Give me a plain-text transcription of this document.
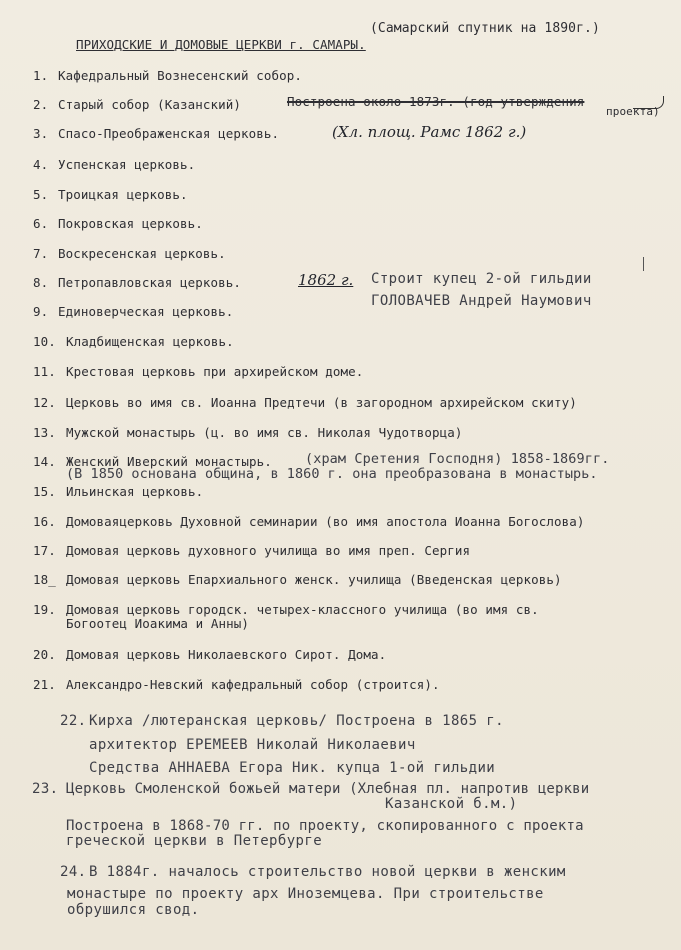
(Самарский спутник на 1890г.)
ПРИХОДСКИЕ И ДОМОВЫЕ ЦЕРКВИ г. САМАРЫ.
1. Кафедральный Вознесенский собор.
2. Старый собор (Казанский)	Построена около 1873г. (год утверждения
проекта)
3. Спасо-Преображенская церковь.	(Хл. площ. Рамс 1862 г.)
4. Успенская церковь.
5. Троицкая церковь.
6. Покровская церковь.
7. Воскресенская церковь.
8. Петропавловская церковь.	1862 г. Строит купец 2-ой гильдии
ГОЛОВАЧЕВ Андрей Наумович
9. Единоверческая церковь.
10. Кладбищенская церковь.
11. Крестовая церковь при архирейском доме.
12. Церковь во имя св. Иоанна Предтечи (в загородном архирейском скиту)
13. Мужской монастырь (ц. во имя св. Николая Чудотворца)
14. Женский Иверский монастырь. (храм Сретения Господня) 1858-1869гг.
(В 1850 основана община, в 1860 г. она преобразована в монастырь.
15. Ильинская церковь.
16. Домоваяцерковь Духовной семинарии (во имя апостола Иоанна Богослова)
17. Домовая церковь духовного училища во имя преп. Сергия
18_ Домовая церковь Епархиального женск. училища (Введенская церковь)
19. Домовая церковь городск. четырех-классного училища (во имя св.
Богоотец Иоакима и Анны)
20. Домовая церковь Николаевского Сирот. Дома.
21. Александро-Невский кафедральный собор (строится).
22. Кирха /лютеранская церковь/ Построена в 1865 г.
архитектор ЕРЕМЕЕВ Николай Николаевич
Средства АННАЕВА Егора Ник. купца 1-ой гильдии
23. Церковь Смоленской божьей матери (Хлебная пл. напротив церкви
Казанской б.м.)
Построена в 1868-70 гг. по проекту, скопированного с проекта
греческой церкви в Петербурге
24. В 1884г. началось строительство новой церкви в женским
монастыре по проекту арх Иноземцева. При строительстве
обрушился свод.
